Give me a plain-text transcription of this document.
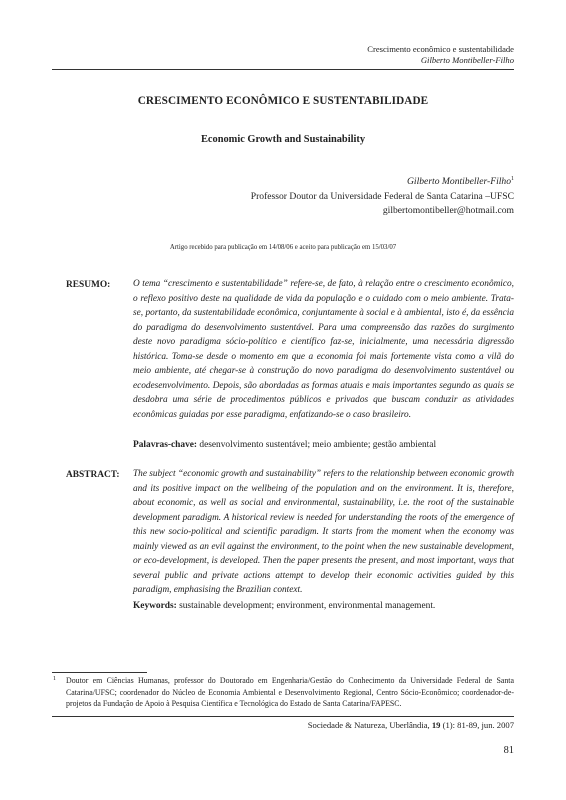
Crescimento econômico e sustentabilidade
Gilberto Montibeller-Filho
CRESCIMENTO ECONÔMICO E SUSTENTABILIDADE
Economic Growth and Sustainability
Gilberto Montibeller-Filho$^1$
Professor Doutor da Universidade Federal de Santa Catarina –UFSC
gilbertomontibeller@hotmail.com
Artigo recebido para publicação em 14/08/06 e aceito para publicação em 15/03/07
RESUMO: O tema “crescimento e sustentabilidade” refere-se, de fato, à relação entre o crescimento econômico, o reflexo positivo deste na qualidade de vida da população e o cuidado com o meio ambiente. Trata-se, portanto, da sustentabilidade econômica, conjuntamente à social e à ambiental, isto é, da essência do paradigma do desenvolvimento sustentável. Para uma compreensão das razões do surgimento deste novo paradigma sócio-político e científico faz-se, inicialmente, uma necessária digressão histórica. Toma-se desde o momento em que a economia foi mais fortemente vista como a vilã do meio ambiente, até chegar-se à construção do novo paradigma do desenvolvimento sustentável ou ecodesenvolvimento. Depois, são abordadas as formas atuais e mais importantes segundo as quais se desdobra uma série de procedimentos públicos e privados que buscam conduzir as atividades econômicas guiadas por esse paradigma, enfatizando-se o caso brasileiro.
Palavras-chave: desenvolvimento sustentável; meio ambiente; gestão ambiental
ABSTRACT: The subject “economic growth and sustainability” refers to the relationship between economic growth and its positive impact on the wellbeing of the population and on the environment. It is, therefore, about economic, as well as social and environmental, sustainability, i.e. the root of the sustainable development paradigm. A historical review is needed for understanding the roots of the emergence of this new socio-political and scientific paradigm. It starts from the moment when the economy was mainly viewed as an evil against the environment, to the point when the new sustainable development, or eco-development, is developed. Then the paper presents the present, and most important, ways that several public and private actions attempt to develop their economic activities guided by this paradigm, emphasising the Brazilian context.
Keywords: sustainable development; environment, environmental management.
1 Doutor em Ciências Humanas, professor do Doutorado em Engenharia/Gestão do Conhecimento da Universidade Federal de Santa Catarina/UFSC; coordenador do Núcleo de Economia Ambiental e Desenvolvimento Regional, Centro Sócio-Econômico; coordenador-de-projetos da Fundação de Apoio à Pesquisa Científica e Tecnológica do Estado de Santa Catarina/FAPESC.
Sociedade & Natureza, Uberlândia, 19 (1): 81-89, jun. 2007
81
